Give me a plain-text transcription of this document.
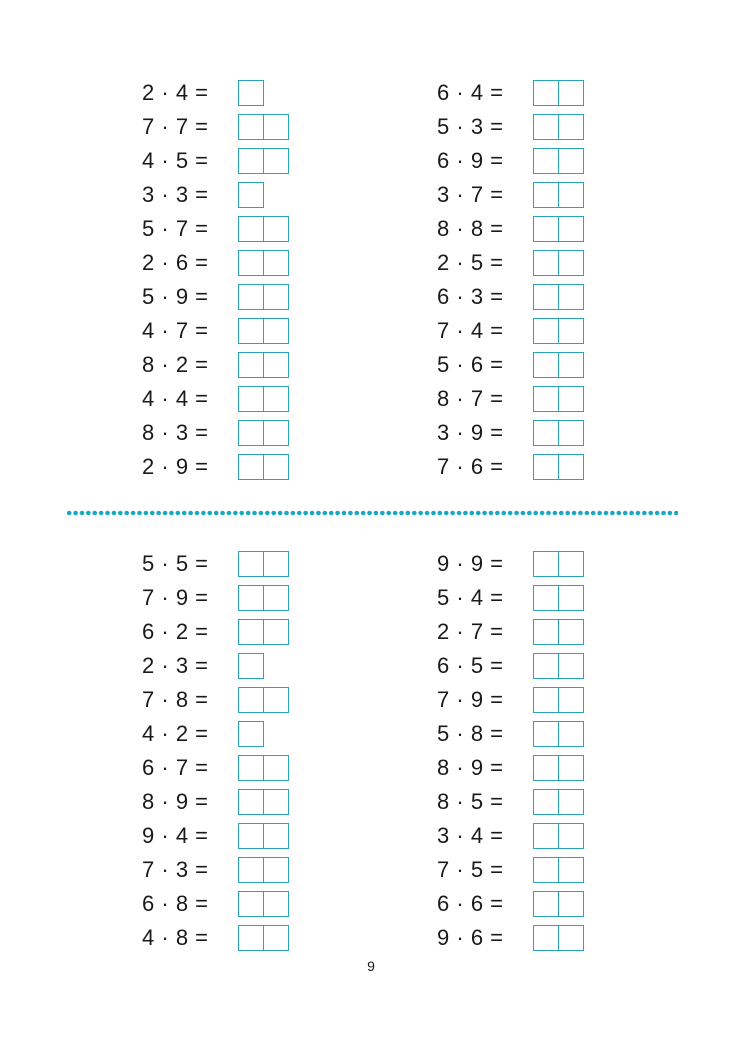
2 · 4 =
7 · 7 =
4 · 5 =
3 · 3 =
5 · 7 =
2 · 6 =
5 · 9 =
4 · 7 =
8 · 2 =
4 · 4 =
8 · 3 =
2 · 9 =
6 · 4 =
5 · 3 =
6 · 9 =
3 · 7 =
8 · 8 =
2 · 5 =
6 · 3 =
7 · 4 =
5 · 6 =
8 · 7 =
3 · 9 =
7 · 6 =
5 · 5 =
7 · 9 =
6 · 2 =
2 · 3 =
7 · 8 =
4 · 2 =
6 · 7 =
8 · 9 =
9 · 4 =
7 · 3 =
6 · 8 =
4 · 8 =
9 · 9 =
5 · 4 =
2 · 7 =
6 · 5 =
7 · 9 =
5 · 8 =
8 · 9 =
8 · 5 =
3 · 4 =
7 · 5 =
6 · 6 =
9 · 6 =
9
